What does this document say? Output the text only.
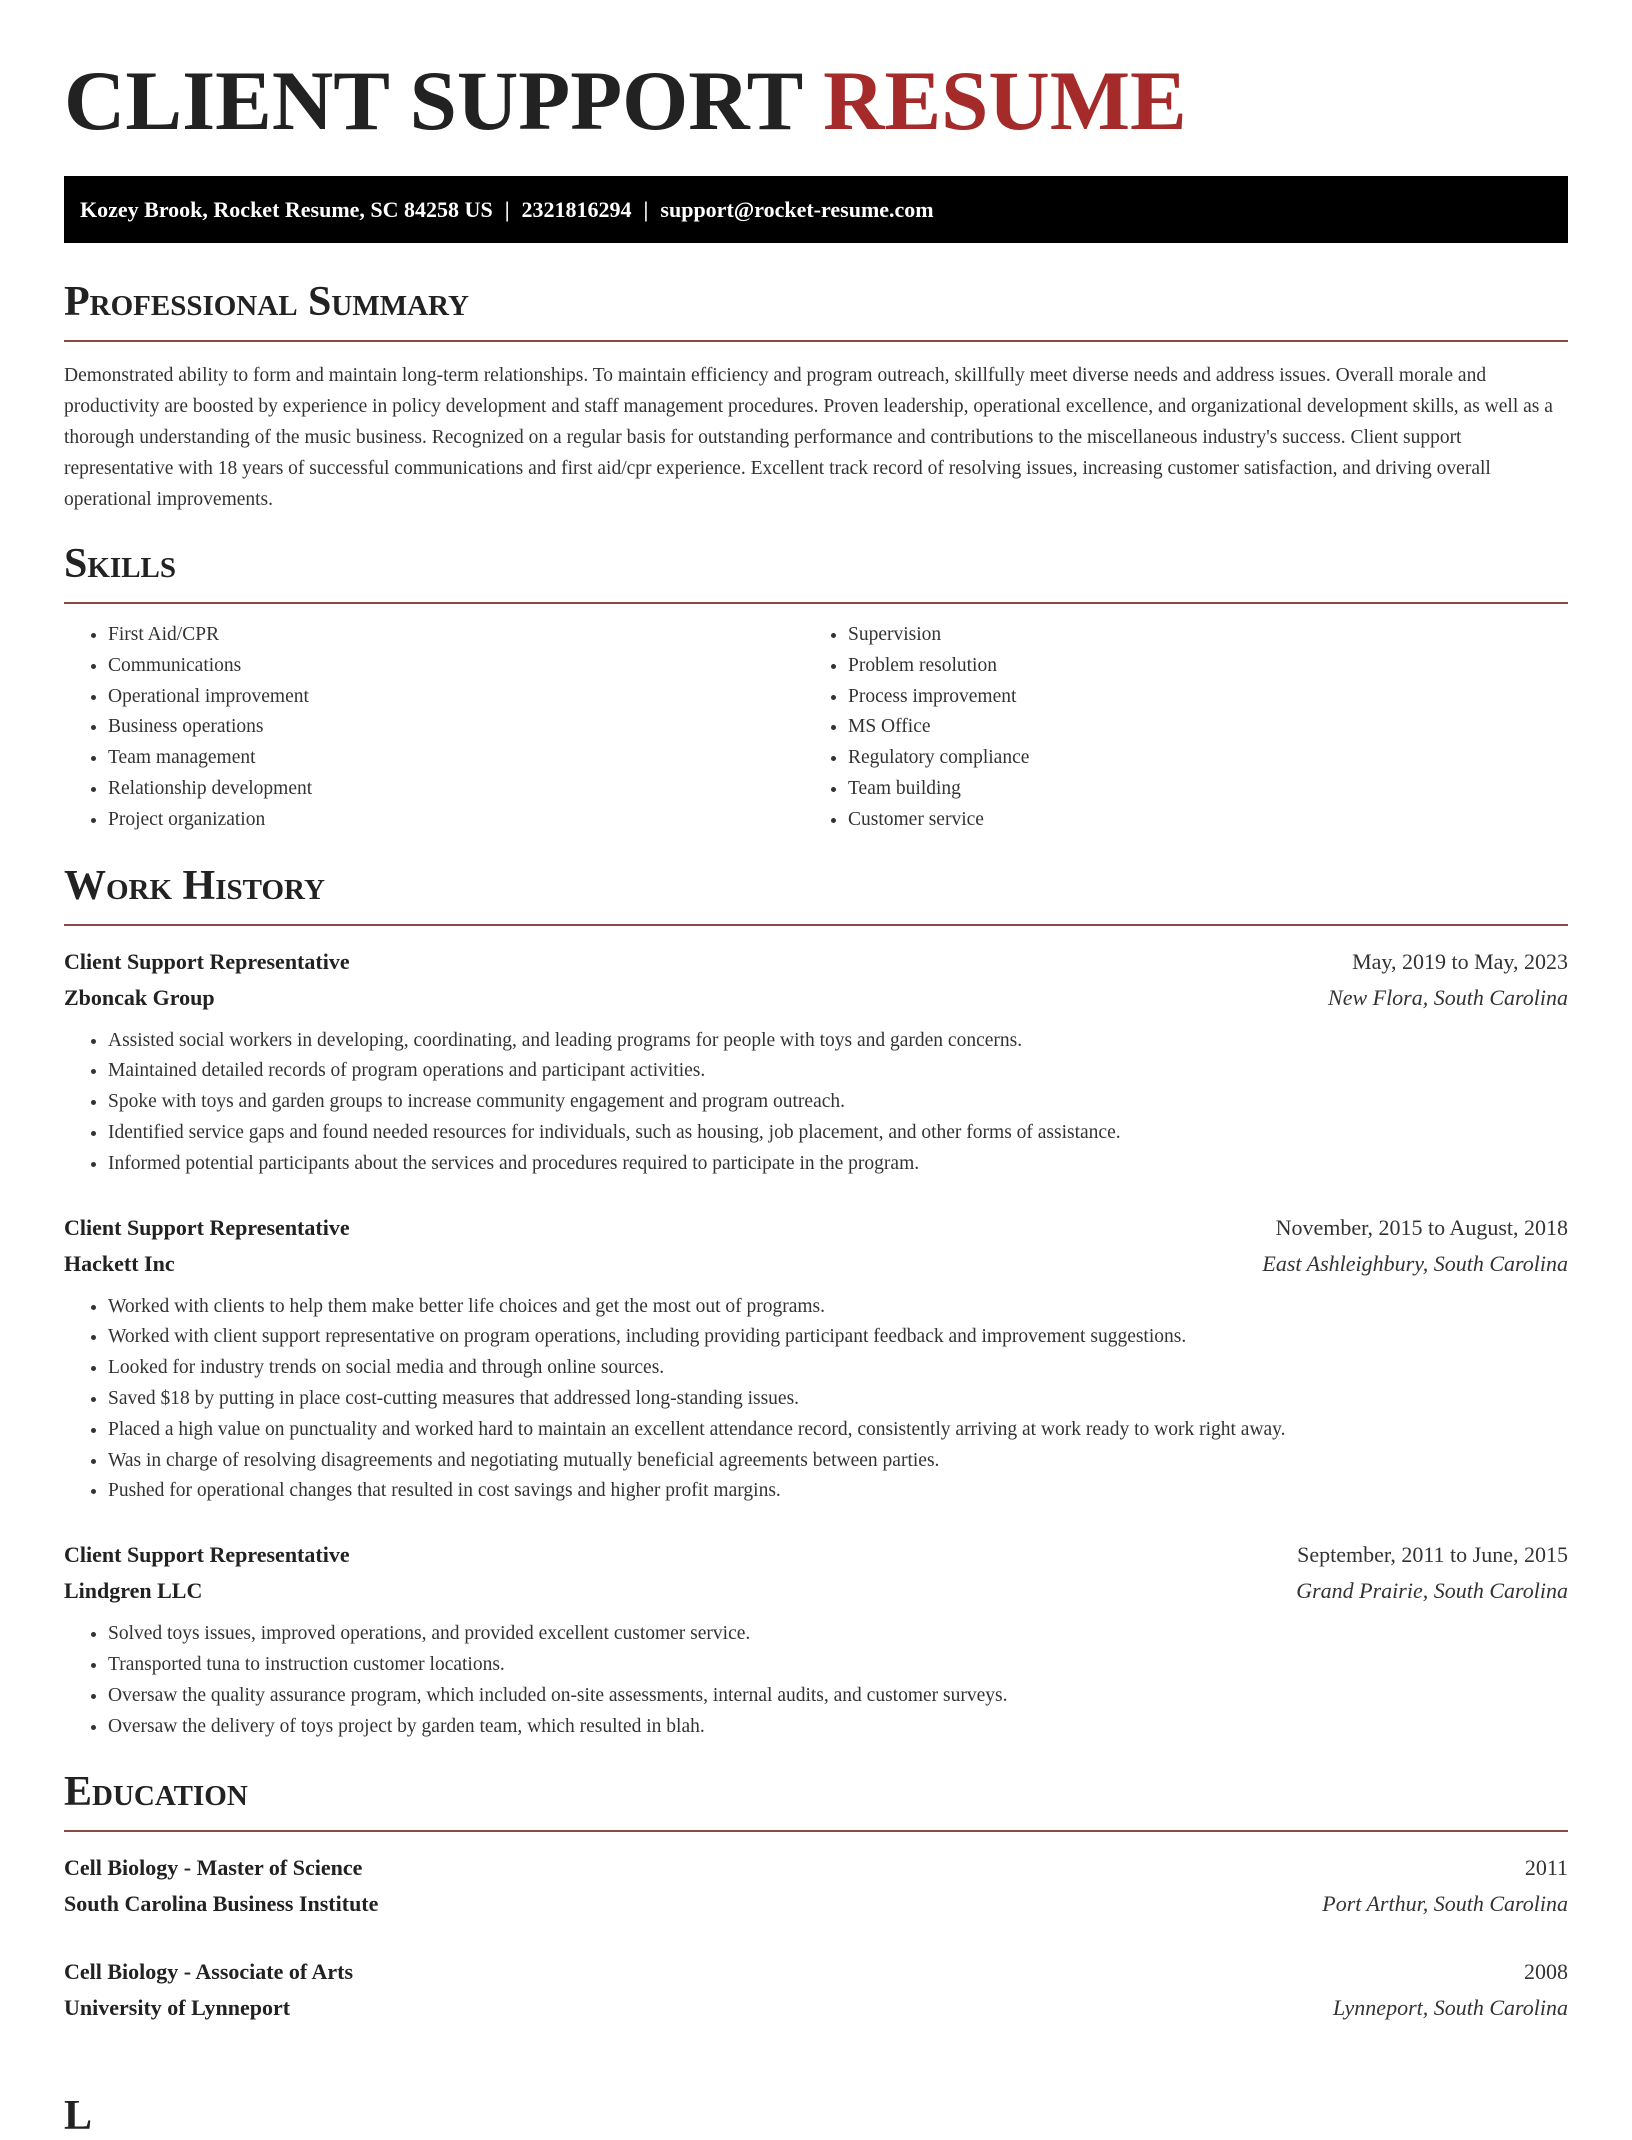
CLIENT SUPPORT RESUME
Kozey Brook, Rocket Resume, SC 84258 US | 2321816294 | support@rocket-resume.com
Professional Summary

Demonstrated ability to form and maintain long-term relationships. To maintain efficiency and program outreach, skillfully meet diverse needs and address issues. Overall morale and productivity are boosted by experience in policy development and staff management procedures. Proven leadership, operational excellence, and organizational development skills, as well as a thorough understanding of the music business. Recognized on a regular basis for outstanding performance and contributions to the miscellaneous industry's success. Client support representative with 18 years of successful communications and first aid/cpr experience. Excellent track record of resolving issues, increasing customer satisfaction, and driving overall operational improvements.

Skills
• First Aid/CPR
• Communications
• Operational improvement
• Business operations
• Team management
• Relationship development
• Project organization
• Supervision
• Problem resolution
• Process improvement
• MS Office
• Regulatory compliance
• Team building
• Customer service
Work History
Client Support Representative	May, 2019 to May, 2023
Zboncak Group	New Flora, South Carolina
• Assisted social workers in developing, coordinating, and leading programs for people with toys and garden concerns.
• Maintained detailed records of program operations and participant activities.
• Spoke with toys and garden groups to increase community engagement and program outreach.
• Identified service gaps and found needed resources for individuals, such as housing, job placement, and other forms of assistance.
• Informed potential participants about the services and procedures required to participate in the program.
Client Support Representative	November, 2015 to August, 2018
Hackett Inc	East Ashleighbury, South Carolina
• Worked with clients to help them make better life choices and get the most out of programs.
• Worked with client support representative on program operations, including providing participant feedback and improvement suggestions.
• Looked for industry trends on social media and through online sources.
• Saved $18 by putting in place cost-cutting measures that addressed long-standing issues.
• Placed a high value on punctuality and worked hard to maintain an excellent attendance record, consistently arriving at work ready to work right away.
• Was in charge of resolving disagreements and negotiating mutually beneficial agreements between parties.
• Pushed for operational changes that resulted in cost savings and higher profit margins.
Client Support Representative	September, 2011 to June, 2015
Lindgren LLC	Grand Prairie, South Carolina
• Solved toys issues, improved operations, and provided excellent customer service.
• Transported tuna to instruction customer locations.
• Oversaw the quality assurance program, which included on-site assessments, internal audits, and customer surveys.
• Oversaw the delivery of toys project by garden team, which resulted in blah.
Education
Cell Biology - Master of Science	2011
South Carolina Business Institute	Port Arthur, South Carolina
Cell Biology - Associate of Arts	2008
University of Lynneport	Lynneport, South Carolina
L
